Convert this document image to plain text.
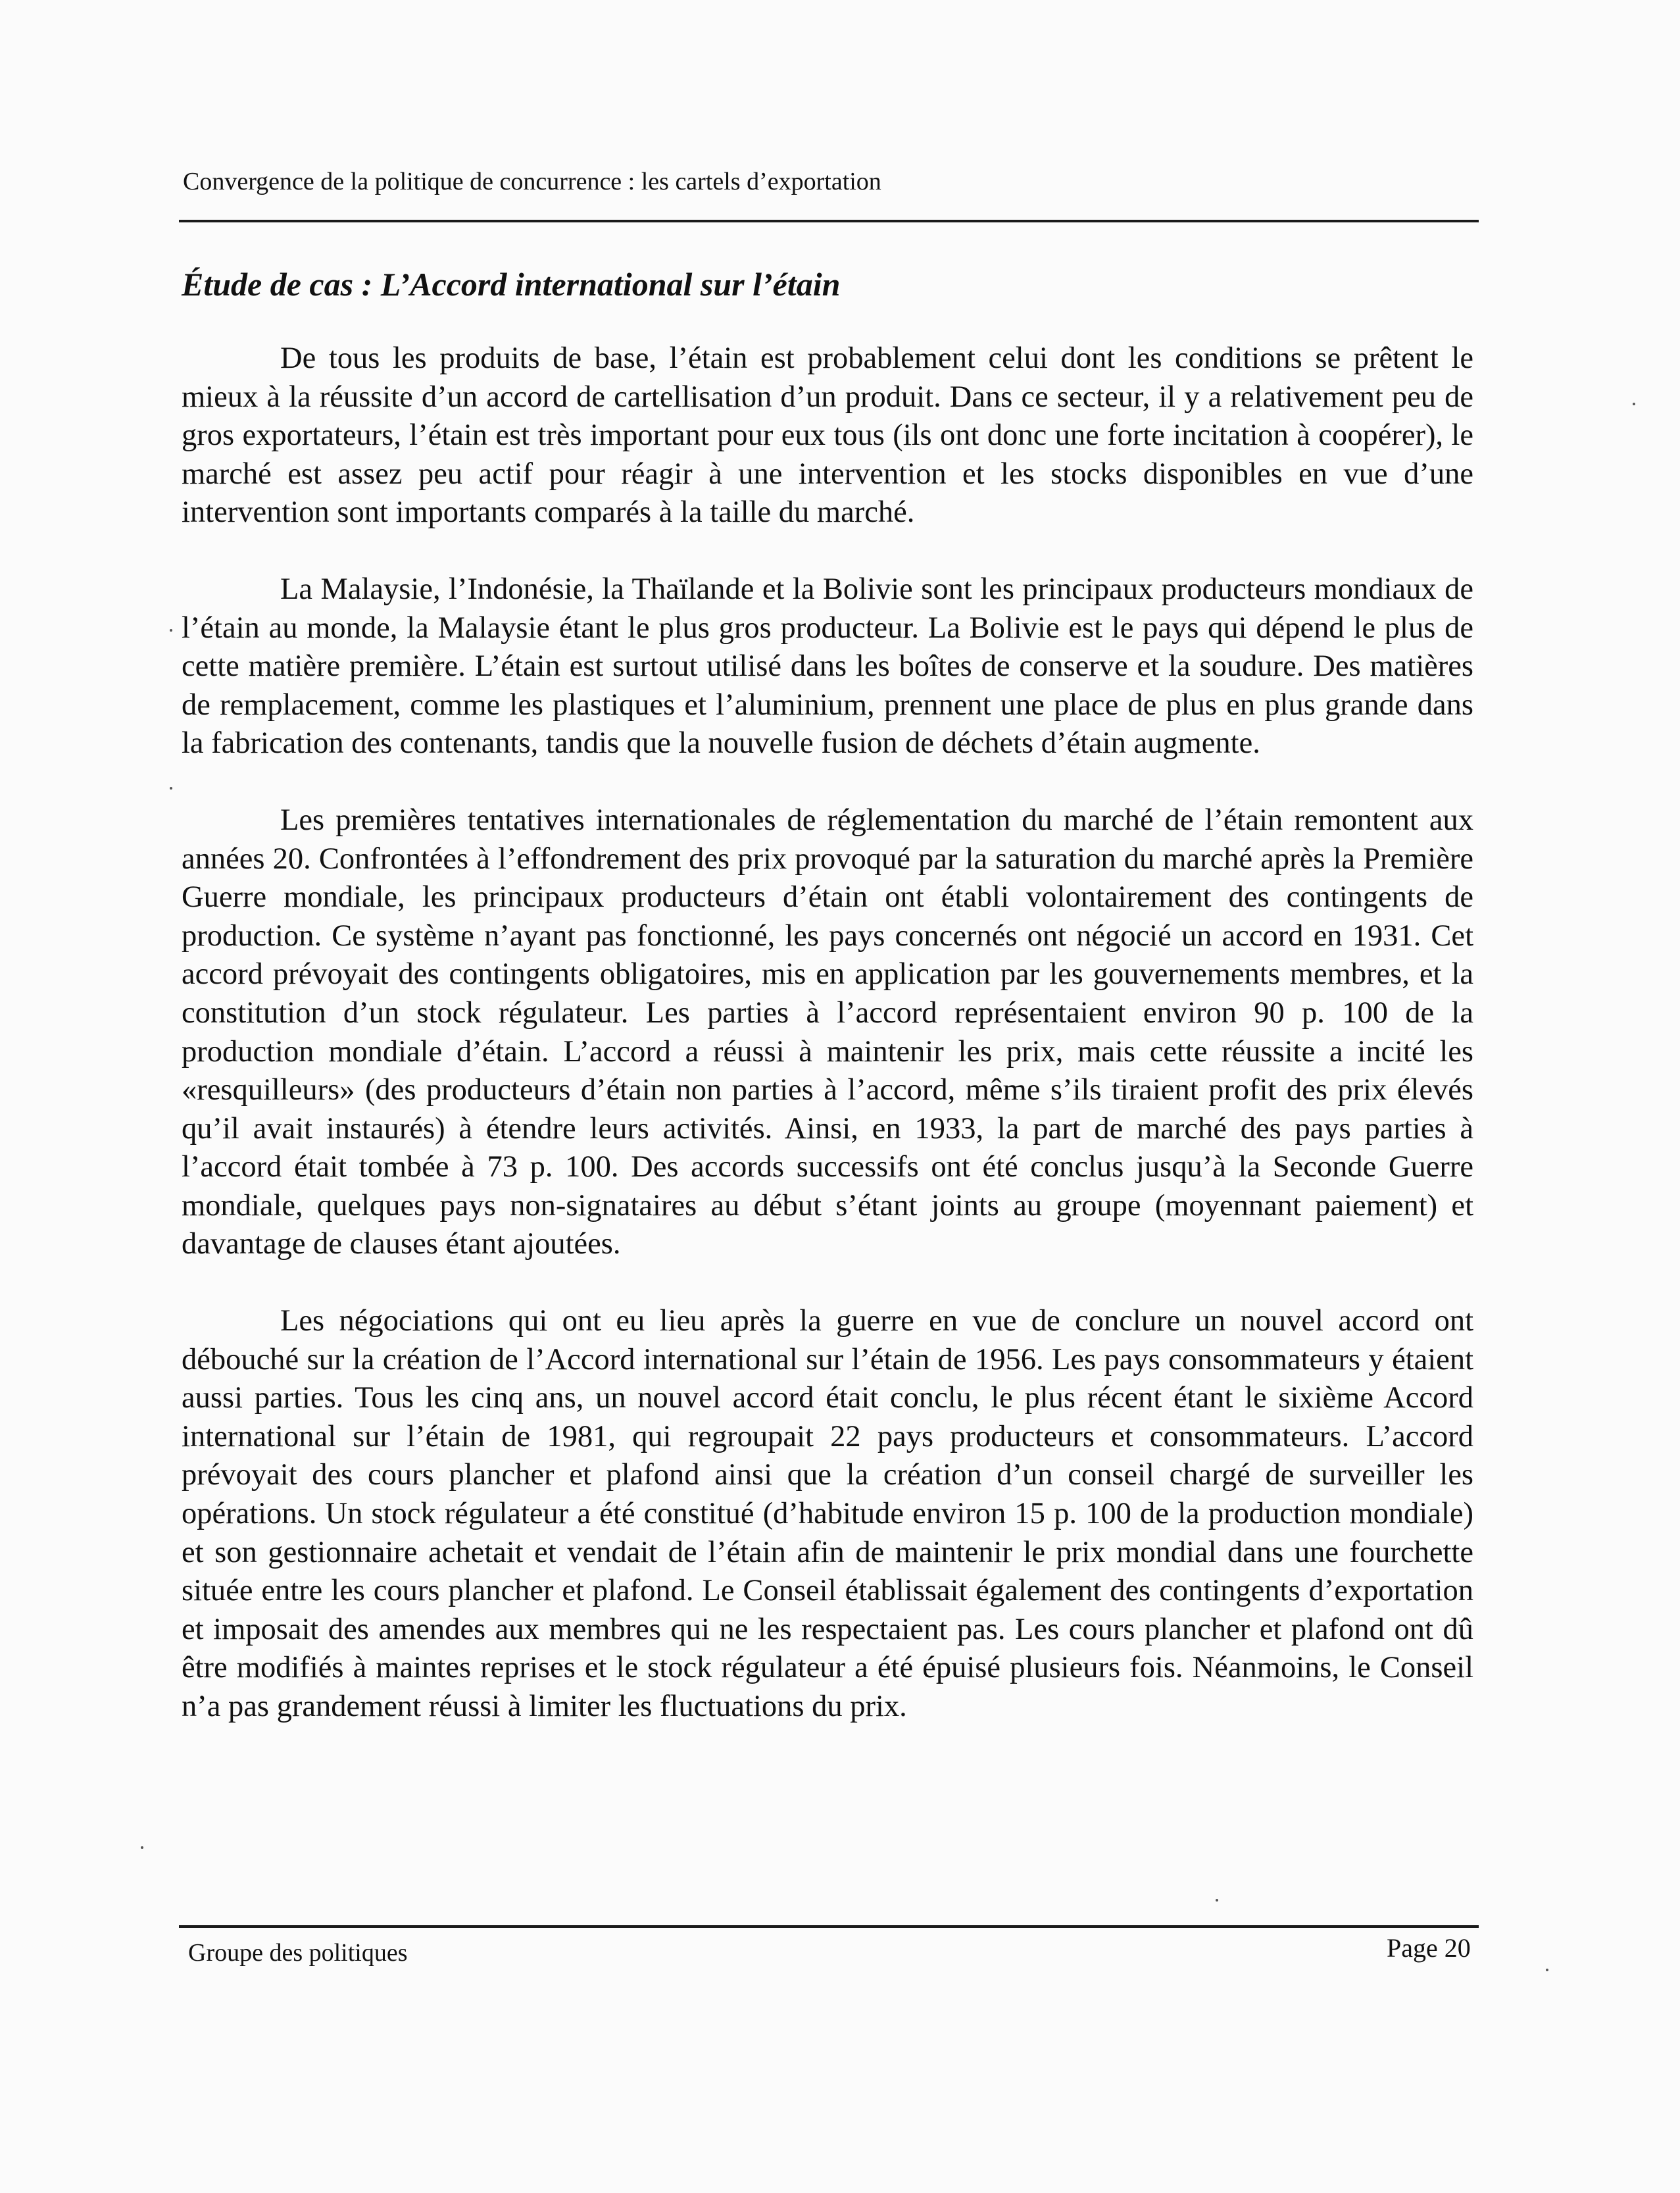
Convergence de la politique de concurrence : les cartels d’exportation
Étude de cas : L’Accord international sur l’étain

De tous les produits de base, l’étain est probablement celui dont les conditions se prêtent le mieux à la réussite d’un accord de cartellisation d’un produit. Dans ce secteur, il y a relativement peu de gros exportateurs, l’étain est très important pour eux tous (ils ont donc une forte incitation à coopérer), le marché est assez peu actif pour réagir à une intervention et les stocks disponibles en vue d’une intervention sont importants comparés à la taille du marché.

La Malaysie, l’Indonésie, la Thaïlande et la Bolivie sont les principaux producteurs mondiaux de l’étain au monde, la Malaysie étant le plus gros producteur. La Bolivie est le pays qui dépend le plus de cette matière première. L’étain est surtout utilisé dans les boîtes de conserve et la soudure. Des matières de remplacement, comme les plastiques et l’aluminium, prennent une place de plus en plus grande dans la fabrication des contenants, tandis que la nouvelle fusion de déchets d’étain augmente.

Les premières tentatives internationales de réglementation du marché de l’étain remontent aux années 20. Confrontées à l’effondrement des prix provoqué par la saturation du marché après la Première Guerre mondiale, les principaux producteurs d’étain ont établi volontairement des contingents de production. Ce système n’ayant pas fonctionné, les pays concernés ont négocié un accord en 1931. Cet accord prévoyait des contingents obligatoires, mis en application par les gouvernements membres, et la constitution d’un stock régulateur. Les parties à l’accord représentaient environ 90 p. 100 de la production mondiale d’étain. L’accord a réussi à maintenir les prix, mais cette réussite a incité les «resquilleurs» (des producteurs d’étain non parties à l’accord, même s’ils tiraient profit des prix élevés qu’il avait instaurés) à étendre leurs activités. Ainsi, en 1933, la part de marché des pays parties à l’accord était tombée à 73 p. 100. Des accords successifs ont été conclus jusqu’à la Seconde Guerre mondiale, quelques pays non-signataires au début s’étant joints au groupe (moyennant paiement) et davantage de clauses étant ajoutées.

Les négociations qui ont eu lieu après la guerre en vue de conclure un nouvel accord ont débouché sur la création de l’Accord international sur l’étain de 1956. Les pays consommateurs y étaient aussi parties. Tous les cinq ans, un nouvel accord était conclu, le plus récent étant le sixième Accord international sur l’étain de 1981, qui regroupait 22 pays producteurs et consommateurs. L’accord prévoyait des cours plancher et plafond ainsi que la création d’un conseil chargé de surveiller les opérations. Un stock régulateur a été constitué (d’habitude environ 15 p. 100 de la production mondiale) et son gestionnaire achetait et vendait de l’étain afin de maintenir le prix mondial dans une fourchette située entre les cours plancher et plafond. Le Conseil établissait également des contingents d’exportation et imposait des amendes aux membres qui ne les respectaient pas. Les cours plancher et plafond ont dû être modifiés à maintes reprises et le stock régulateur a été épuisé plusieurs fois. Néanmoins, le Conseil n’a pas grandement réussi à limiter les fluctuations du prix.

Groupe des politiques	Page 20
